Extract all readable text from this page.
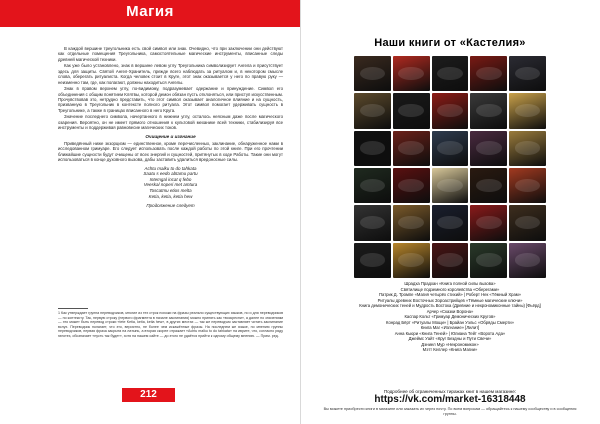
Магия

В каждой вершине треугольника есть свой символ или знак. Очевидно, что при заключении они действуют как отдельные помещения Треугольника, самостоятельные магические инструменты, вписанные следы древней магической техники.

Как уже было установлено, знак в вершине левом углу Треугольника символизирует Ангела и присутствует здесь для защиты. Святой Ангел-Хранитель, прежде всего наблюдать за ритуалом и, в некотором смысле слова, оберегать ритуалиста. Когда человек стоит в Круге, этот знак оказывается у него по правую руку — неизменно там, где, как полагают, должны находиться Ангелы.

Знак в правом верхнем углу, по-видимому, подразумевает одержание и принуждение. Символ его объединения с общим понятием Клятвы, которой демон обязан пусть отклоняться, или приступ искусственным. Прочувствовав это, нетрудно представить, что этот символ оказывает аналогичное влияние и на сущность, призванную в Треугольник в контексте полного ритуала. Этот символ помогает удерживать сущность в Треугольнике, а также в границах вписанного в него Круга.

Значение последнего символа, начертанного в нижнем углу, осталось неясным даже после магического озарения. Вероятно, он не имеет прямого отношения к культовой механике всей техники, стабилизируя все инструменты и поддерживая равновесие магических токов.

Очищение и изгнание

Приведённый ниже экзорцизм — единственное, кроме перечисленных, заклинание, обнаруженное нами в исследованном гримуаре. Его следует использовать после каждой работы по этой книге. При его прочтении ближайшие сущности будут очищены от всех энергий и сущностей, притянутых в ходе Работы. Такие они могут использоваться в конце духовного вызова, дабы заставить удалиться вредоносные силы.

Achtu malku to do tahkata
Saatu s eedo abtamu partu
Intemgal incat q febo
Veeskal noperi met amtura
Toscatmu etios melta
Ketia, ketia, ketia hew
Продолжение следует
1 Как утверждает группа переводчиков, многие из тех строк похожи на фразы реально существующих языков, но и для переводчиков — по контексту. Так, первую строку (первого фрагмента в начале заклинания) можно принять как «воскресни», а далее по значениям — это может быть перевод строки «tete Ketia, ketia, ketia hew», в других местах — так же переводчик заставляет читать заклинание вслух. Переводчик полагает, что это, вероятно, не более чем искажённые фразы. На последнем же языке, по мнению группы переводчиков, первая фраза закрыта на латынь, а вторая скорее отражает «Achtu malku to do tahkata» на иврите, что, согласно ряду гипотез, обозначает «пусть так будет», хотя на нашем сайте — до этого не удаётся прийти к одному общему мнению. — Прим. ред.
212
Наши книги от «Кастелия»
Шрадха Прадхан «Книга полной силы вызова»
Святилище подземного королевства «Оберегами»
Патрик Д. Тромпе «Магия четырёх стихий» | Роберт Нек «Тёмный Храм»
Ритуалы древних Восточных Зороастрийцев «Тёмные магические ключи»
Книга демонических теней и Мудрость Востока (Древние и некрономиконные тайны) [Фьёрд]
Арчер «Сказки Ворона»
Каспар Кольт «Гримуар Демонических Кругов»
Конрад Бёрт «Ритуалы Мощи» | Брайан Уэльс «Обряды Смерти»
Книга Маг «Изгнание» [Лилит]
Анна Кьюри «Книга Теней» | Юлиана Тейт «Ворота Ада»
Джеймс Уайт «Круг Бездны и Пути Свечи»
Дэниел Мур «Некрономикон»
Мэтт Келлер «Книга Магии»
Подробнее об ограниченных тиражах книг в нашем магазине:
https://vk.com/market-16318448
Вы можете приобрести книги в магазине или заказать их через почту. По всем вопросам — обращайтесь к нашему сообществу и в сообщения группы.
